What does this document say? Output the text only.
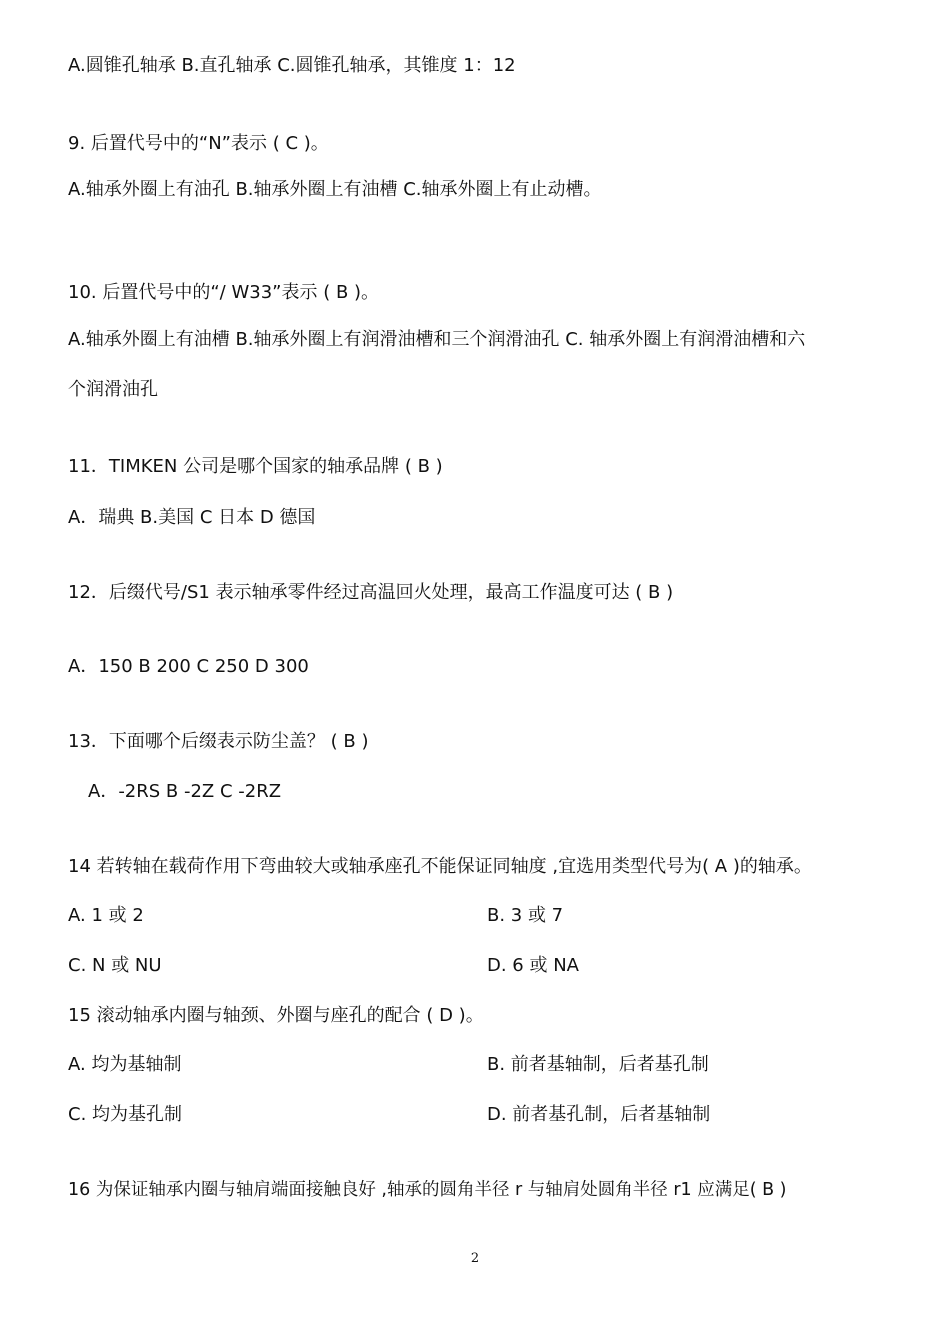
A.圆锥孔轴承 B.直孔轴承 C.圆锥孔轴承，其锥度 1：12
9. 后置代号中的“N”表示 ( C )。
A.轴承外圈上有油孔 B.轴承外圈上有油槽 C.轴承外圈上有止动槽。
10. 后置代号中的“/ W33”表示 ( B )。
A.轴承外圈上有油槽 B.轴承外圈上有润滑油槽和三个润滑油孔 C. 轴承外圈上有润滑油槽和六
个润滑油孔
11．TIMKEN 公司是哪个国家的轴承品牌 ( B )
A．瑞典 B.美国 C 日本 D 德国
12．后缀代号/S1 表示轴承零件经过高温回火处理，最高工作温度可达 ( B )
A．150 B 200 C 250 D 300
13．下面哪个后缀表示防尘盖？ ( B )
A．-2RS B -2Z C -2RZ
14 若转轴在载荷作用下弯曲较大或轴承座孔不能保证同轴度 ,宜选用类型代号为( A )的轴承。
A. 1 或 2	B. 3 或 7
C. N 或 NU	D. 6 或 NA
15 滚动轴承内圈与轴颈、外圈与座孔的配合 ( D )。
A. 均为基轴制	B. 前者基轴制，后者基孔制
C. 均为基孔制	D. 前者基孔制，后者基轴制
16 为保证轴承内圈与轴肩端面接触良好 ,轴承的圆角半径 r 与轴肩处圆角半径 r1 应满足( B )
2
